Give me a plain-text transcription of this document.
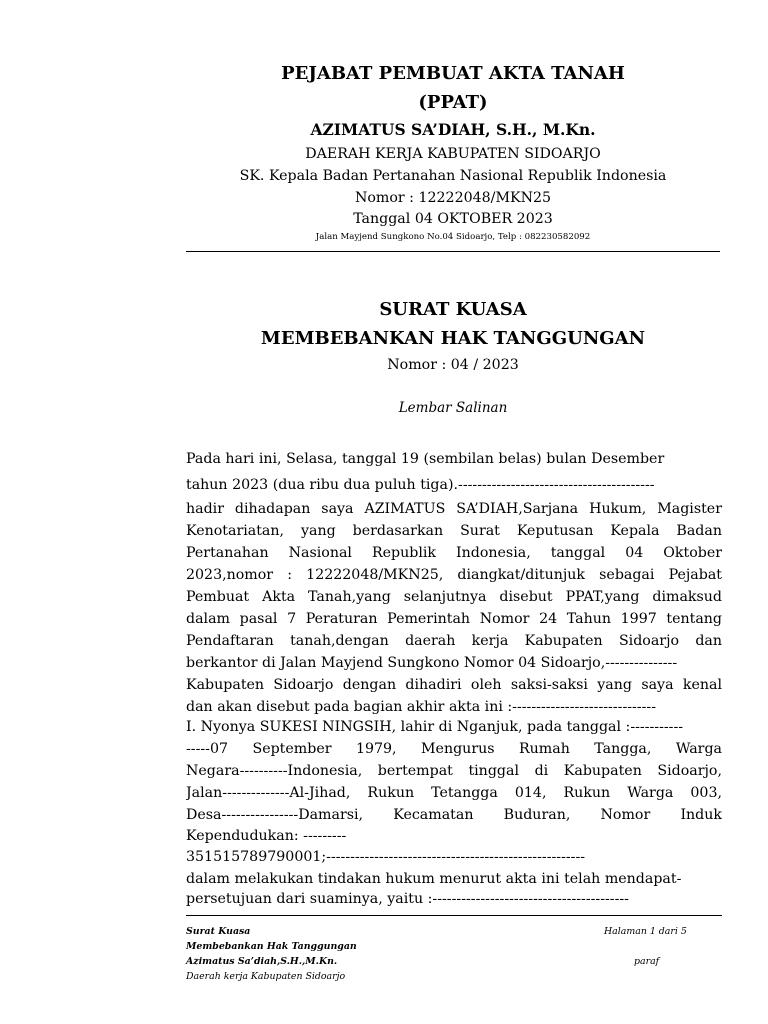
PEJABAT PEMBUAT AKTA TANAH
(PPAT)
AZIMATUS SA’DIAH, S.H., M.Kn.
DAERAH KERJA KABUPATEN SIDOARJO
SK. Kepala Badan Pertanahan Nasional Republik Indonesia
Nomor : 12222048/MKN25
Tanggal 04 OKTOBER 2023
Jalan Mayjend Sungkono No.04 Sidoarjo, Telp : 082230582092
SURAT KUASA
MEMBEBANKAN HAK TANGGUNGAN
Nomor : 04 / 2023
Lembar Salinan
Pada hari ini, Selasa, tanggal 19 (sembilan belas) bulan Desember
tahun 2023 (dua ribu dua puluh tiga).-----------------------------------------
hadir dihadapan saya AZIMATUS SA’DIAH,Sarjana Hukum, Magister
Kenotariatan, yang berdasarkan Surat Keputusan Kepala Badan
Pertanahan Nasional Republik Indonesia, tanggal 04 Oktober
2023,nomor : 12222048/MKN25, diangkat/ditunjuk sebagai Pejabat
Pembuat Akta Tanah,yang selanjutnya disebut PPAT,yang dimaksud
dalam pasal 7 Peraturan Pemerintah Nomor 24 Tahun 1997 tentang
Pendaftaran tanah,dengan daerah kerja Kabupaten Sidoarjo dan
berkantor di Jalan Mayjend Sungkono Nomor 04 Sidoarjo,---------------
Kabupaten Sidoarjo dengan dihadiri oleh saksi-saksi yang saya kenal
dan akan disebut pada bagian akhir akta ini :------------------------------
I. Nyonya SUKESI NINGSIH, lahir di Nganjuk, pada tanggal :-----------
-----07 September 1979, Mengurus Rumah Tangga, Warga
Negara----------Indonesia, bertempat tinggal di Kabupaten Sidoarjo,
Jalan--------------Al-Jihad, Rukun Tetangga 014, Rukun Warga 003,
Desa----------------Damarsi, Kecamatan Buduran, Nomor Induk
Kependudukan: ---------
351515789790001;------------------------------------------------------
dalam melakukan tindakan hukum menurut akta ini telah mendapat-
persetujuan dari suaminya, yaitu :-----------------------------------------
Surat Kuasa
Membebankan Hak Tanggungan
Azimatus Sa’diah,S.H.,M.Kn.
Daerah kerja Kabupaten Sidoarjo
Halaman 1 dari 5
paraf
